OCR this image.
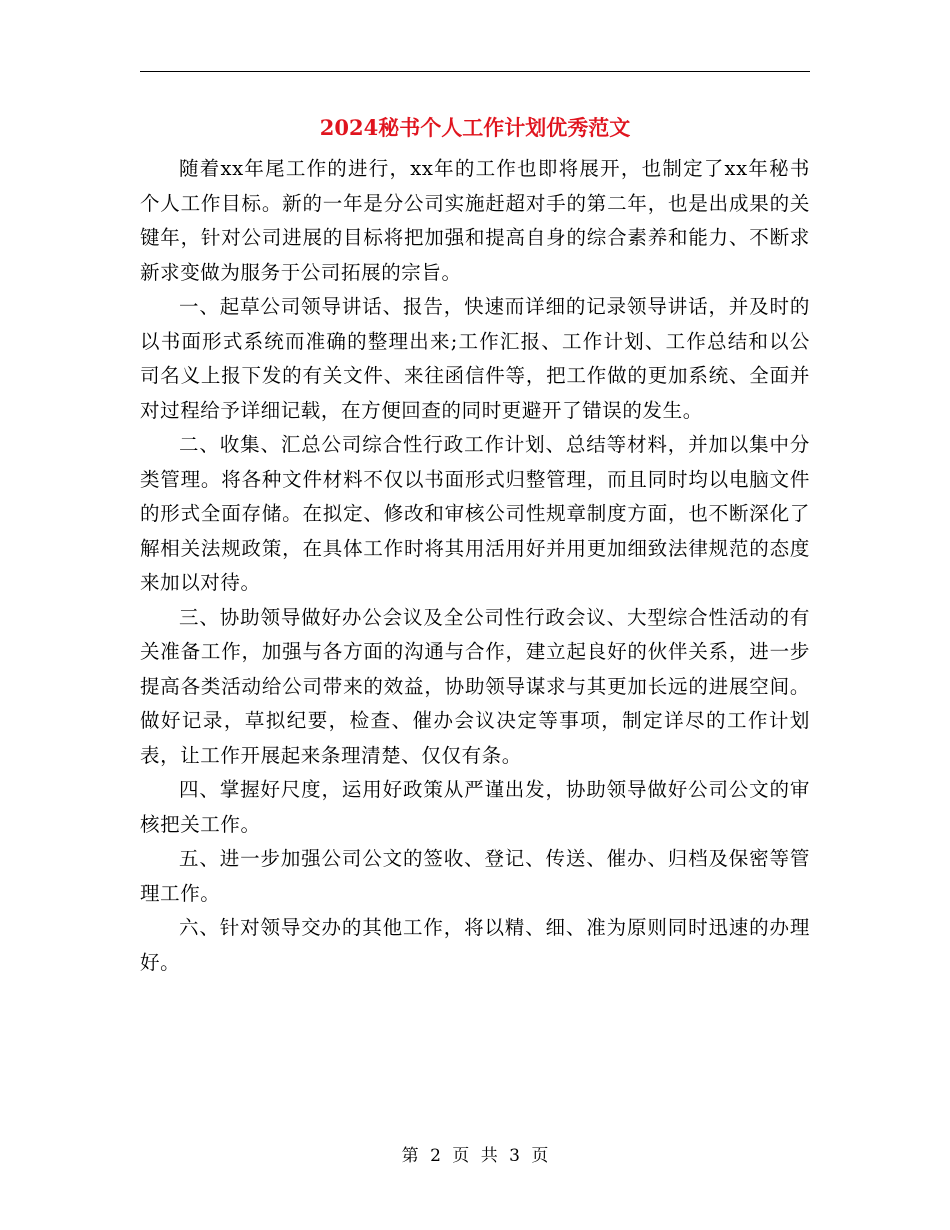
2024秘书个人工作计划优秀范文

随着xx年尾工作的进行，xx年的工作也即将展开，也制定了xx年秘书个人工作目标。新的一年是分公司实施赶超对手的第二年，也是出成果的关键年，针对公司进展的目标将把加强和提高自身的综合素养和能力、不断求新求变做为服务于公司拓展的宗旨。

一、起草公司领导讲话、报告，快速而详细的记录领导讲话，并及时的以书面形式系统而准确的整理出来;工作汇报、工作计划、工作总结和以公司名义上报下发的有关文件、来往函信件等，把工作做的更加系统、全面并对过程给予详细记载，在方便回查的同时更避开了错误的发生。

二、收集、汇总公司综合性行政工作计划、总结等材料，并加以集中分类管理。将各种文件材料不仅以书面形式归整管理，而且同时均以电脑文件的形式全面存储。在拟定、修改和审核公司性规章制度方面，也不断深化了解相关法规政策，在具体工作时将其用活用好并用更加细致法律规范的态度来加以对待。

三、协助领导做好办公会议及全公司性行政会议、大型综合性活动的有关准备工作，加强与各方面的沟通与合作，建立起良好的伙伴关系，进一步提高各类活动给公司带来的效益，协助领导谋求与其更加长远的进展空间。做好记录，草拟纪要，检查、催办会议决定等事项，制定详尽的工作计划表，让工作开展起来条理清楚、仅仅有条。

四、掌握好尺度，运用好政策从严谨出发，协助领导做好公司公文的审核把关工作。

五、进一步加强公司公文的签收、登记、传送、催办、归档及保密等管理工作。

六、针对领导交办的其他工作，将以精、细、准为原则同时迅速的办理好。

第 2 页 共 3 页
